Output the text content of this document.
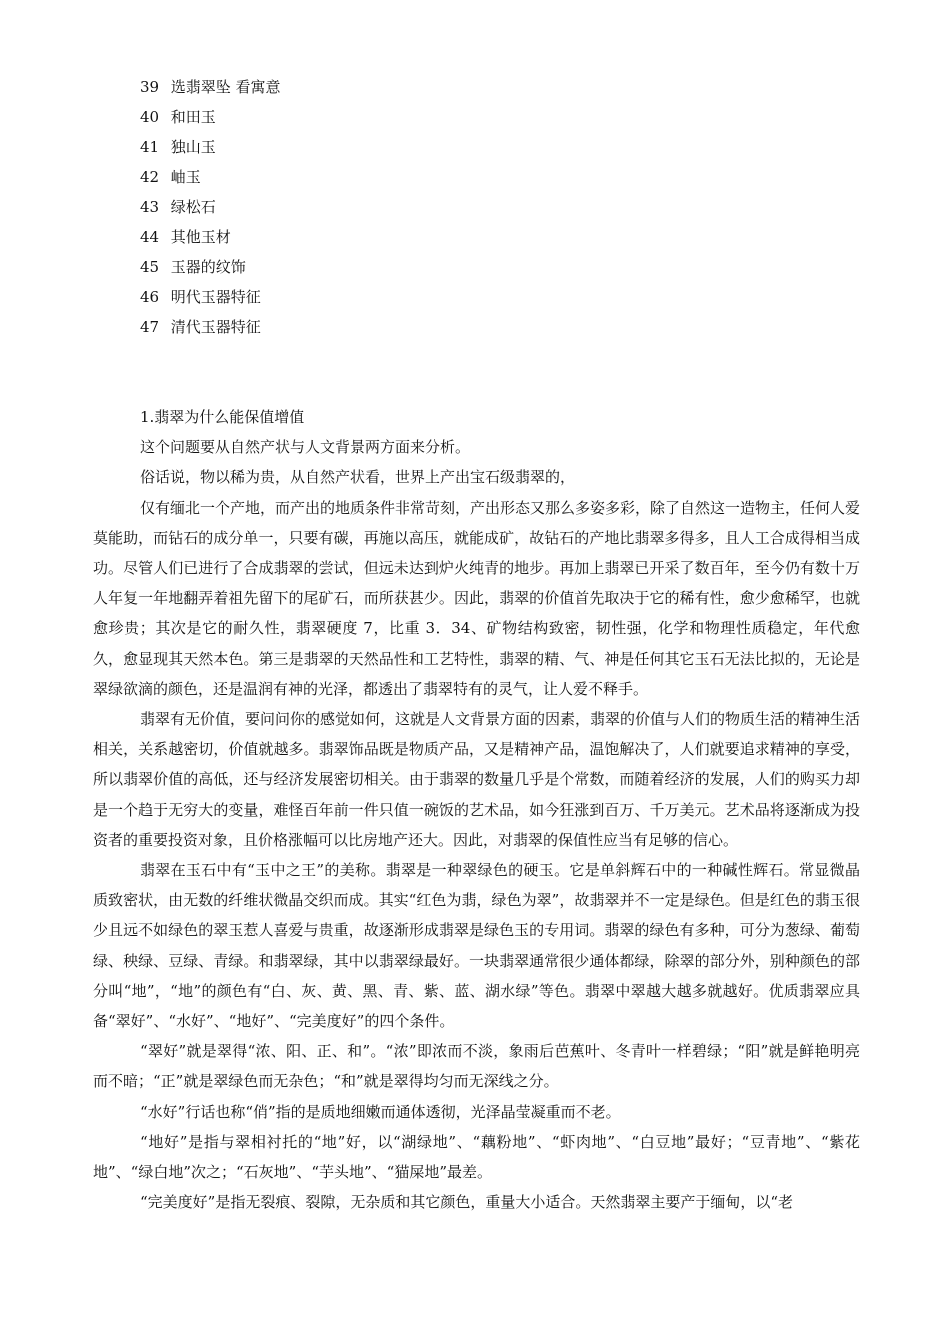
39 选翡翠坠 看寓意
40 和田玉
41 独山玉
42 岫玉
43 绿松石
44 其他玉材
45 玉器的纹饰
46 明代玉器特征
47 清代玉器特征

1.翡翠为什么能保值增值

这个问题要从自然产状与人文背景两方面来分析。

俗话说，物以稀为贵，从自然产状看，世界上产出宝石级翡翠的，

仅有缅北一个产地，而产出的地质条件非常苛刻，产出形态又那么多姿多彩，除了自然这一造物主，任何人爱莫能助，而钻石的成分单一，只要有碳，再施以高压，就能成矿，故钻石的产地比翡翠多得多，且人工合成得相当成功。尽管人们已进行了合成翡翠的尝试，但远未达到炉火纯青的地步。再加上翡翠已开采了数百年，至今仍有数十万人年复一年地翻弄着祖先留下的尾矿石，而所获甚少。因此，翡翠的价值首先取决于它的稀有性，愈少愈稀罕，也就愈珍贵；其次是它的耐久性，翡翠硬度 7，比重 3．34、矿物结构致密，韧性强，化学和物理性质稳定，年代愈久，愈显现其天然本色。第三是翡翠的天然品性和工艺特性，翡翠的精、气、神是任何其它玉石无法比拟的，无论是翠绿欲滴的颜色，还是温润有神的光泽，都透出了翡翠特有的灵气，让人爱不释手。

翡翠有无价值，要问问你的感觉如何，这就是人文背景方面的因素，翡翠的价值与人们的物质生活的精神生活相关，关系越密切，价值就越多。翡翠饰品既是物质产品，又是精神产品，温饱解决了，人们就要追求精神的享受，所以翡翠价值的高低，还与经济发展密切相关。由于翡翠的数量几乎是个常数，而随着经济的发展，人们的购买力却是一个趋于无穷大的变量，难怪百年前一件只值一碗饭的艺术品，如今狂涨到百万、千万美元。艺术品将逐渐成为投资者的重要投资对象，且价格涨幅可以比房地产还大。因此，对翡翠的保值性应当有足够的信心。

翡翠在玉石中有“玉中之王”的美称。翡翠是一种翠绿色的硬玉。它是单斜辉石中的一种碱性辉石。常显微晶质致密状，由无数的纤维状微晶交织而成。其实“红色为翡，绿色为翠”，故翡翠并不一定是绿色。但是红色的翡玉很少且远不如绿色的翠玉惹人喜爱与贵重，故逐渐形成翡翠是绿色玉的专用词。翡翠的绿色有多种，可分为葱绿、葡萄绿、秧绿、豆绿、青绿。和翡翠绿，其中以翡翠绿最好。一块翡翠通常很少通体都绿，除翠的部分外，别种颜色的部分叫“地”，“地”的颜色有“白、灰、黄、黑、青、紫、蓝、湖水绿”等色。翡翠中翠越大越多就越好。优质翡翠应具备“翠好”、“水好”、“地好”、“完美度好”的四个条件。

“翠好”就是翠得“浓、阳、正、和”。“浓”即浓而不淡，象雨后芭蕉叶、冬青叶一样碧绿；“阳”就是鲜艳明亮而不暗；“正”就是翠绿色而无杂色；“和”就是翠得均匀而无深线之分。

“水好”行话也称“俏”指的是质地细嫩而通体透彻，光泽晶莹凝重而不老。

“地好”是指与翠相衬托的“地”好，以“湖绿地”、“藕粉地”、“虾肉地”、“白豆地”最好；“豆青地”、“紫花地”、“绿白地”次之；“石灰地”、“芋头地”、“猫屎地”最差。

“完美度好”是指无裂痕、裂隙，无杂质和其它颜色，重量大小适合。天然翡翠主要产于缅甸，以“老
